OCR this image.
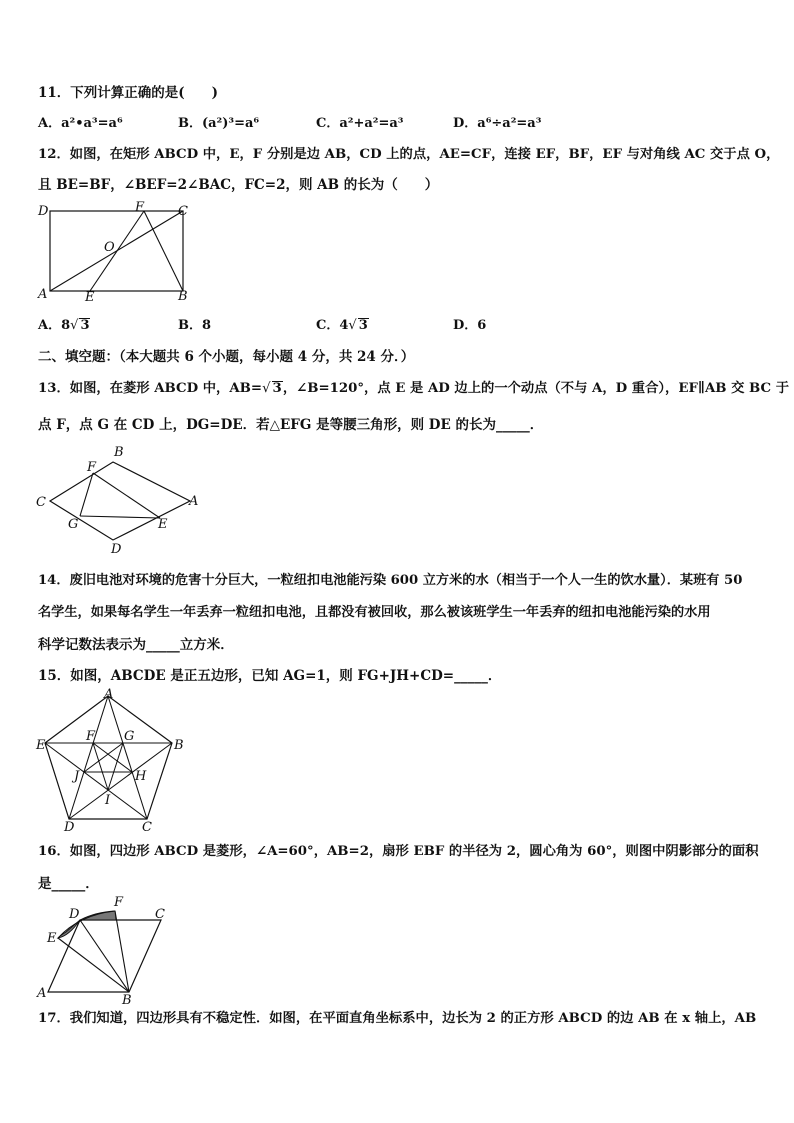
11．下列计算正确的是(　　)
A．a²•a³=a⁶	B．(a²)³=a⁶	C．a²+a²=a³	D．a⁶÷a²=a³
12．如图，在矩形 ABCD 中，E，F 分别是边 AB，CD 上的点，AE=CF，连接 EF，BF，EF 与对角线 AC 交于点 O，
且 BE=BF，∠BEF=2∠BAC，FC=2，则 AB 的长为（　　）
D	F	C
O
A	E	B
A．8√ 3	B．8	C．4√ 3	D．6
二、填空题：（本大题共 6 个小题，每小题 4 分，共 24 分．）
13．如图，在菱形 ABCD 中，AB=√ 3，∠B=120°，点 E 是 AD 边上的一个动点（不与 A，D 重合），EF∥AB 交 BC 于
点 F，点 G 在 CD 上，DG=DE．若△EFG 是等腰三角形，则 DE 的长为_____．
B
F
C	A
G	E
D
14．废旧电池对环境的危害十分巨大，一粒纽扣电池能污染 600 立方米的水（相当于一个人一生的饮水量）．某班有 50
名学生，如果每名学生一年丢弃一粒纽扣电池，且都没有被回收，那么被该班学生一年丢弃的纽扣电池能污染的水用
科学记数法表示为_____立方米．
15．如图，ABCDE 是正五边形，已知 AG=1，则 FG+JH+CD=_____．
A
E	B
F G
J	H
I
D	C
16．如图，四边形 ABCD 是菱形，∠A=60°，AB=2，扇形 EBF 的半径为 2，圆心角为 60°，则图中阴影部分的面积
是_____．
D
F
C
E
A	B
17．我们知道，四边形具有不稳定性．如图，在平面直角坐标系中，边长为 2 的正方形 ABCD 的边 AB 在 x 轴上，AB
